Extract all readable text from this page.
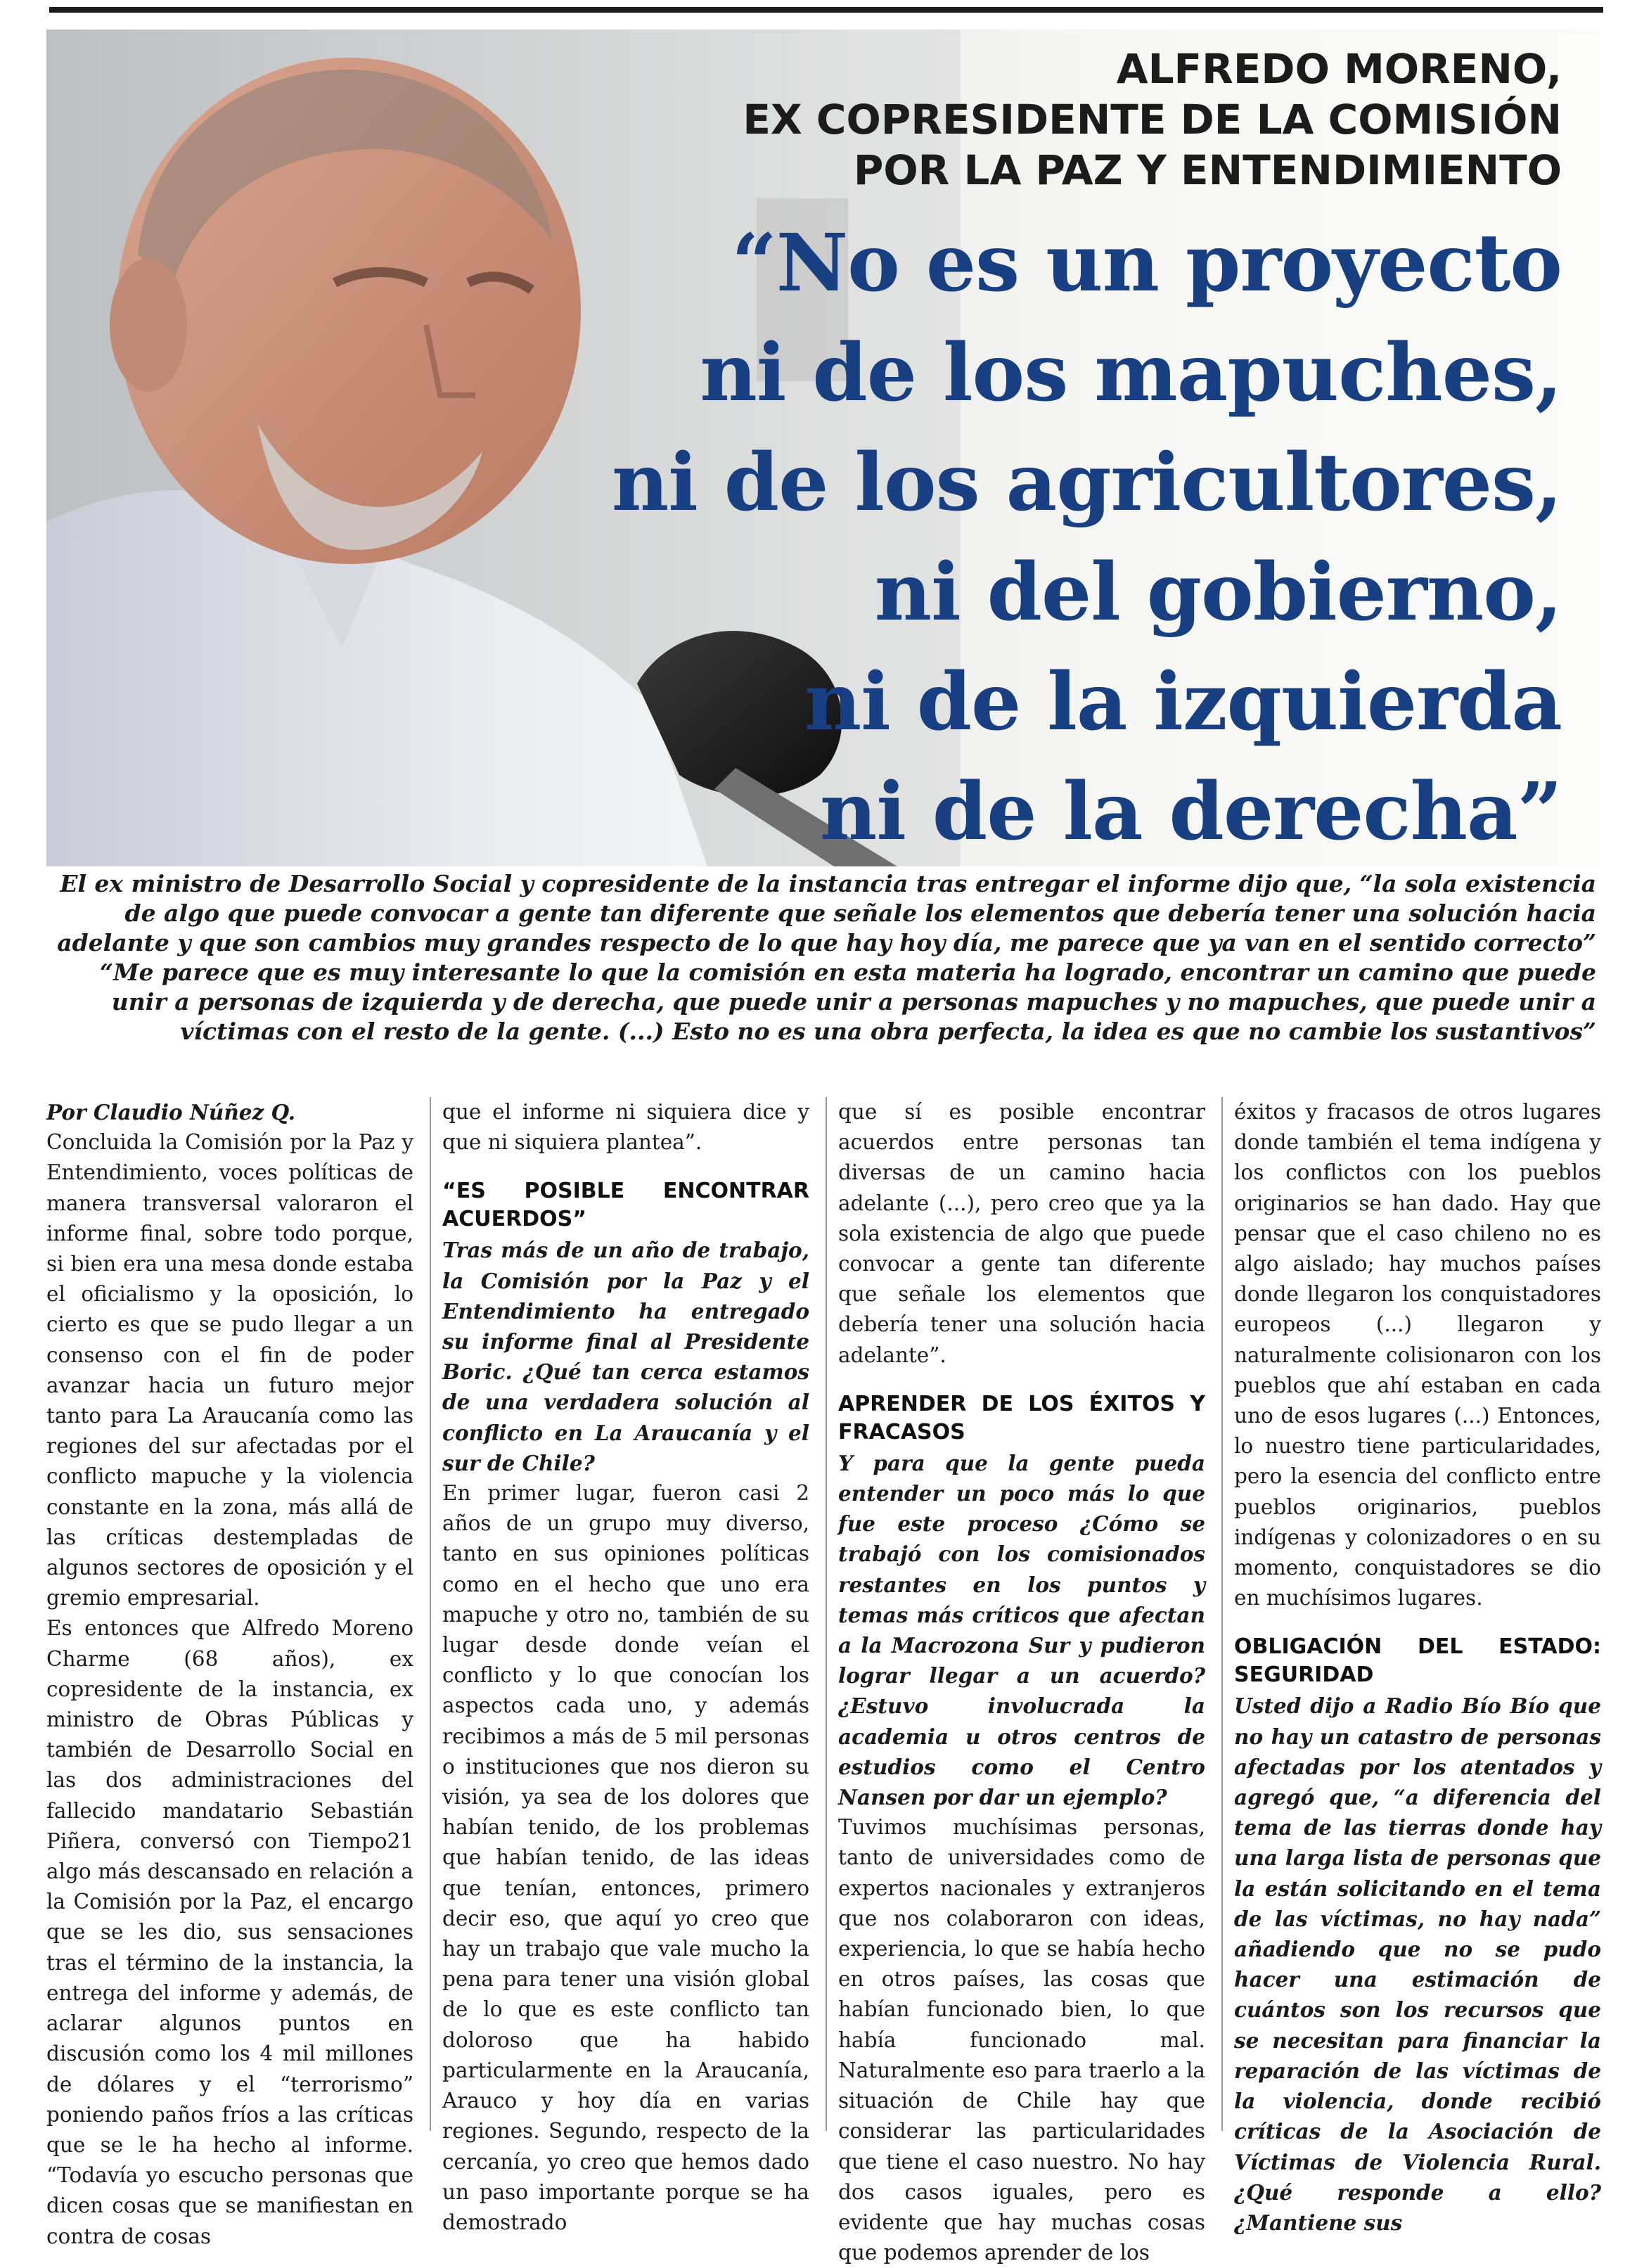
ALFREDO MORENO,
EX COPRESIDENTE DE LA COMISIÓN
POR LA PAZ Y ENTENDIMIENTO
“No es un proyecto
ni de los mapuches,
ni de los agricultores,
ni del gobierno,
ni de la izquierda
ni de la derecha”

El ex ministro de Desarrollo Social y copresidente de la instancia tras entregar el informe dijo que, “la sola existencia de algo que puede convocar a gente tan diferente que señale los elementos que debería tener una solución hacia adelante y que son cambios muy grandes respecto de lo que hay hoy día, me parece que ya van en el sentido correcto”

“Me parece que es muy interesante lo que la comisión en esta materia ha logrado, encontrar un camino que puede unir a personas de izquierda y de derecha, que puede unir a personas mapuches y no mapuches, que puede unir a víctimas con el resto de la gente. (...) Esto no es una obra perfecta, la idea es que no cambie los sustantivos”

Por Claudio Núñez Q.

Concluida la Comisión por la Paz y Entendimiento, voces políticas de manera transversal valoraron el informe final, sobre todo porque, si bien era una mesa donde estaba el oficialismo y la oposición, lo cierto es que se pudo llegar a un consenso con el fin de poder avanzar hacia un futuro mejor tanto para La Araucanía como las regiones del sur afectadas por el conflicto mapuche y la violencia constante en la zona, más allá de las críticas destempladas de algunos sectores de oposición y el gremio empresarial.

Es entonces que Alfredo Moreno Charme (68 años), ex copresidente de la instancia, ex ministro de Obras Públicas y también de Desarrollo Social en las dos administraciones del fallecido mandatario Sebastián Piñera, conversó con Tiempo21 algo más descansado en relación a la Comisión por la Paz, el encargo que se les dio, sus sensaciones tras el término de la instancia, la entrega del informe y además, de aclarar algunos puntos en discusión como los 4 mil millones de dólares y el “terrorismo” poniendo paños fríos a las críticas que se le ha hecho al informe. “Todavía yo escucho personas que dicen cosas que se manifiestan en contra de cosas

que el informe ni siquiera dice y que ni siquiera plantea”.

“ES POSIBLE ENCONTRAR ACUERDOS”

Tras más de un año de trabajo, la Comisión por la Paz y el Entendimiento ha entregado su informe final al Presidente Boric. ¿Qué tan cerca estamos de una verdadera solución al conflicto en La Araucanía y el sur de Chile?

En primer lugar, fueron casi 2 años de un grupo muy diverso, tanto en sus opiniones políticas como en el hecho que uno era mapuche y otro no, también de su lugar desde donde veían el conflicto y lo que conocían los aspectos cada uno, y además recibimos a más de 5 mil personas o instituciones que nos dieron su visión, ya sea de los dolores que habían tenido, de los problemas que habían tenido, de las ideas que tenían, entonces, primero decir eso, que aquí yo creo que hay un trabajo que vale mucho la pena para tener una visión global de lo que es este conflicto tan doloroso que ha habido particularmente en la Araucanía, Arauco y hoy día en varias regiones. Segundo, respecto de la cercanía, yo creo que hemos dado un paso importante porque se ha demostrado

que sí es posible encontrar acuerdos entre personas tan diversas de un camino hacia adelante (...), pero creo que ya la sola existencia de algo que puede convocar a gente tan diferente que señale los elementos que debería tener una solución hacia adelante”.

APRENDER DE LOS ÉXITOS Y FRACASOS

Y para que la gente pueda entender un poco más lo que fue este proceso ¿Cómo se trabajó con los comisionados restantes en los puntos y temas más críticos que afectan a la Macrozona Sur y pudieron lograr llegar a un acuerdo? ¿Estuvo involucrada la academia u otros centros de estudios como el Centro Nansen por dar un ejemplo?

Tuvimos muchísimas personas, tanto de universidades como de expertos nacionales y extranjeros que nos colaboraron con ideas, experiencia, lo que se había hecho en otros países, las cosas que habían funcionado bien, lo que había funcionado mal. Naturalmente eso para traerlo a la situación de Chile hay que considerar las particularidades que tiene el caso nuestro. No hay dos casos iguales, pero es evidente que hay muchas cosas que podemos aprender de los

éxitos y fracasos de otros lugares donde también el tema indígena y los conflictos con los pueblos originarios se han dado. Hay que pensar que el caso chileno no es algo aislado; hay muchos países donde llegaron los conquistadores europeos (...) llegaron y naturalmente colisionaron con los pueblos que ahí estaban en cada uno de esos lugares (...) Entonces, lo nuestro tiene particularidades, pero la esencia del conflicto entre pueblos originarios, pueblos indígenas y colonizadores o en su momento, conquistadores se dio en muchísimos lugares.

OBLIGACIÓN DEL ESTADO: SEGURIDAD

Usted dijo a Radio Bío Bío que no hay un catastro de personas afectadas por los atentados y agregó que, “a diferencia del tema de las tierras donde hay una larga lista de personas que la están solicitando en el tema de las víctimas, no hay nada” añadiendo que no se pudo hacer una estimación de cuántos son los recursos que se necesitan para financiar la reparación de las víctimas de la violencia, donde recibió críticas de la Asociación de Víctimas de Violencia Rural. ¿Qué responde a ello? ¿Mantiene sus
